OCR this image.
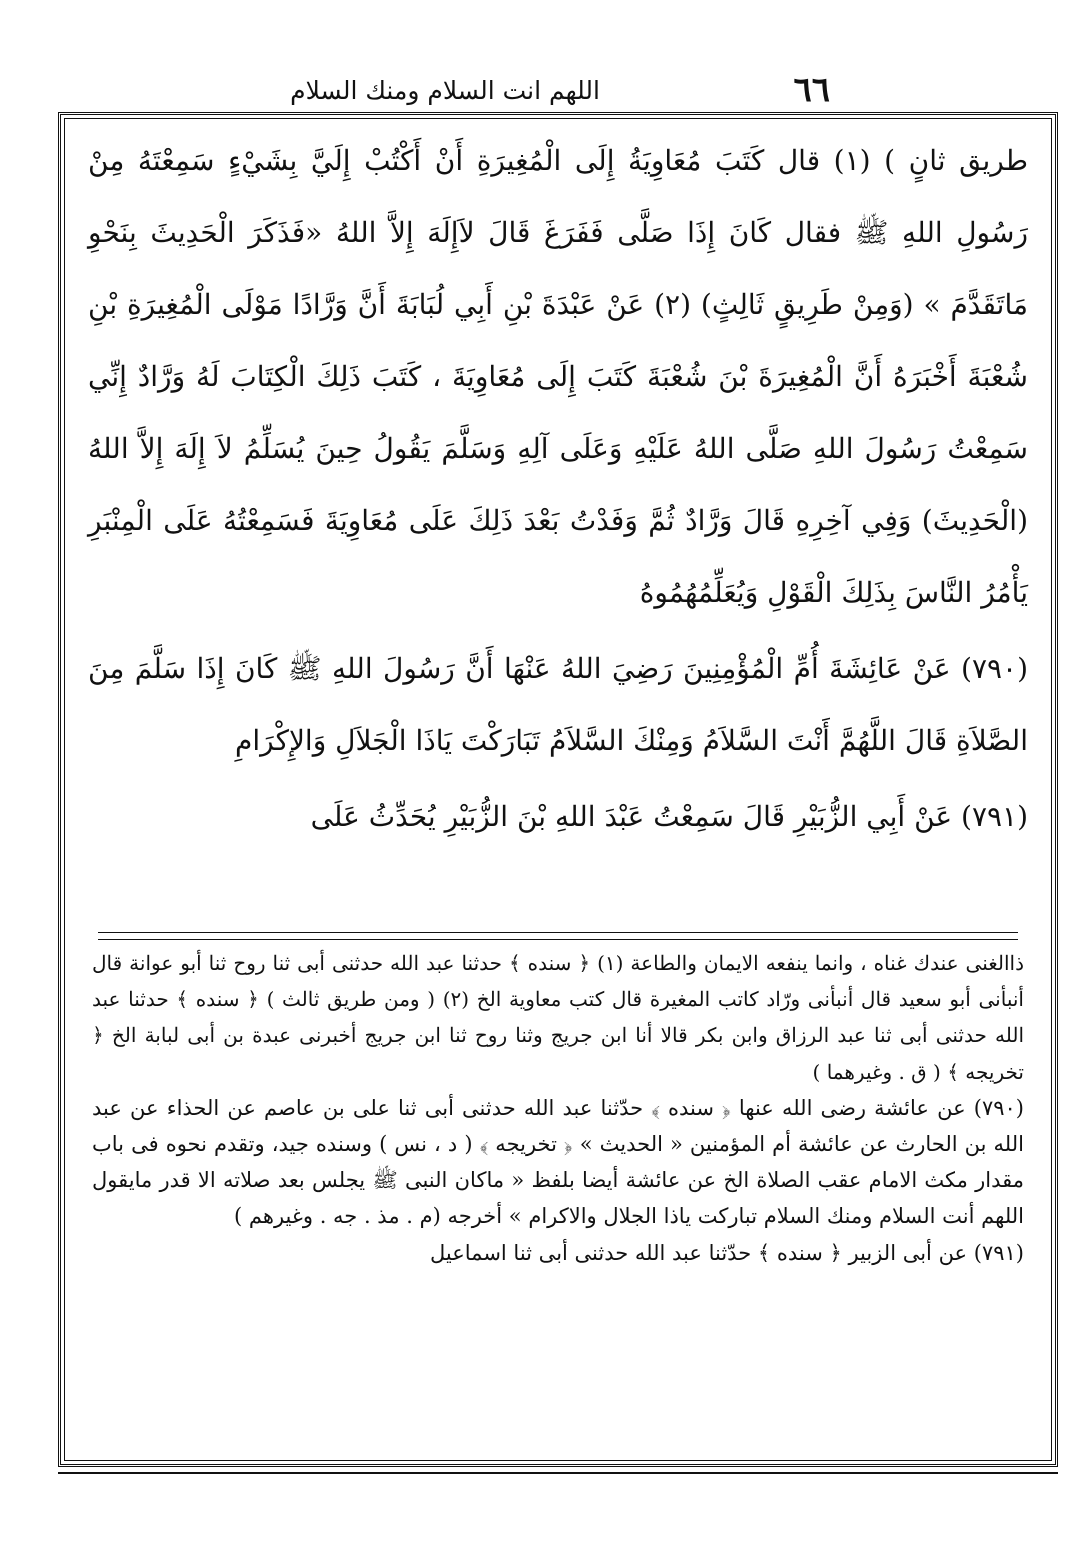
٦٦
اللهم انت السلام ومنك السلام

طريق ثانٍ ) (١) قال كَتَبَ مُعَاوِيَةُ إِلَى الْمُغِيرَةِ أَنْ أَكْتُبْ إِلَيَّ بِشَيْءٍ سَمِعْتَهُ مِنْ رَسُولِ اللهِ ﷺ فقال كَانَ إِذَا صَلَّى فَفَرَغَ قَالَ لاَإِلَهَ إِلاَّ اللهُ «فَذَكَرَ الْحَدِيثَ بِنَحْوِ مَاتَقَدَّمَ » (وَمِنْ طَرِيقٍ ثَالِثٍ) (٢) عَنْ عَبْدَةَ بْنِ أَبِي لُبَابَةَ أَنَّ وَرَّادًا مَوْلَى الْمُغِيرَةِ بْنِ شُعْبَةَ أَخْبَرَهُ أَنَّ الْمُغِيرَةَ بْنَ شُعْبَةَ كَتَبَ إِلَى مُعَاوِيَةَ ، كَتَبَ ذَلِكَ الْكِتَابَ لَهُ وَرَّادٌ إِنِّي سَمِعْتُ رَسُولَ اللهِ صَلَّى اللهُ عَلَيْهِ وَعَلَى آلِهِ وَسَلَّمَ يَقُولُ حِينَ يُسَلِّمُ لاَ إِلَهَ إِلاَّ اللهُ (الْحَدِيثَ) وَفِي آخِرِهِ قَالَ وَرَّادٌ ثُمَّ وَفَدْتُ بَعْدَ ذَلِكَ عَلَى مُعَاوِيَةَ فَسَمِعْتُهُ عَلَى الْمِنْبَرِ يَأْمُرُ النَّاسَ بِذَلِكَ الْقَوْلِ وَيُعَلِّمُهُمُوهُ

(٧٩٠) عَنْ عَائِشَةَ أُمِّ الْمُؤْمِنِينَ رَضِيَ اللهُ عَنْهَا أَنَّ رَسُولَ اللهِ ﷺ كَانَ إِذَا سَلَّمَ مِنَ الصَّلاَةِ قَالَ اللَّهُمَّ أَنْتَ السَّلاَمُ وَمِنْكَ السَّلاَمُ تَبَارَكْتَ يَاذَا الْجَلاَلِ وَالإِكْرَامِ

(٧٩١) عَنْ أَبِي الزُّبَيْرِ قَالَ سَمِعْتُ عَبْدَ اللهِ بْنَ الزُّبَيْرِ يُحَدِّثُ عَلَى

ذاالغنى عندك غناه ، وانما ينفعه الايمان والطاعة (١) ﴿ سنده ﴾ حدثنا عبد الله حدثنى أبى ثنا روح ثنا أبو عوانة قال أنبأنى أبو سعيد قال أنبأنى ورّاد كاتب المغيرة قال كتب معاوية الخ (٢) ( ومن طريق ثالث ) ﴿ سنده ﴾ حدثنا عبد الله حدثنى أبى ثنا عبد الرزاق وابن بكر قالا أنا ابن جريج وثنا روح ثنا ابن جريج أخبرنى عبدة بن أبى لبابة الخ ﴿ تخريجه ﴾ ( ق . وغيرهما )

(٧٩٠) عن عائشة رضى الله عنها ﴿ سنده ﴾ حدّثنا عبد الله حدثنى أبى ثنا على بن عاصم عن الحذاء عن عبد الله بن الحارث عن عائشة أم المؤمنين « الحديث » ﴿ تخريجه ﴾ ( د ، نس ) وسنده جيد، وتقدم نحوه فى باب مقدار مكث الامام عقب الصلاة الخ عن عائشة أيضا بلفظ « ماكان النبى ﷺ يجلس بعد صلاته الا قدر مايقول اللهم أنت السلام ومنك السلام تباركت ياذا الجلال والاكرام » أخرجه (م . مذ . جه . وغيرهم )

(٧٩١) عن أبى الزبير ﴿ سنده ﴾ حدّثنا عبد الله حدثنى أبى ثنا اسماعيل
